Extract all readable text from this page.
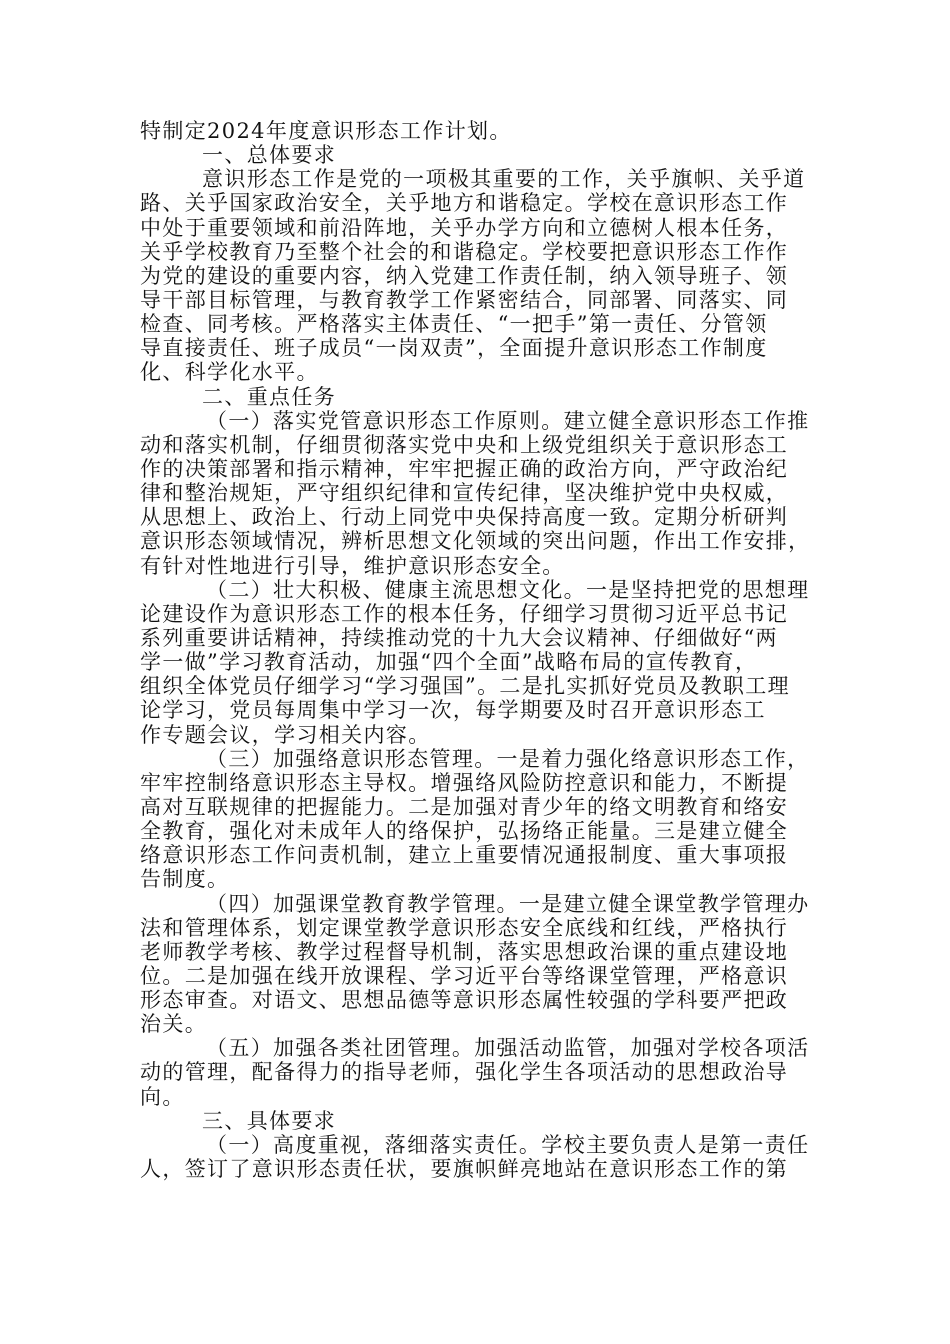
特制定2024年度意识形态工作计划。
一、总体要求
意识形态工作是党的一项极其重要的工作，关乎旗帜、关乎道
路、关乎国家政治安全，关乎地方和谐稳定。学校在意识形态工作
中处于重要领域和前沿阵地，关乎办学方向和立德树人根本任务，
关乎学校教育乃至整个社会的和谐稳定。学校要把意识形态工作作
为党的建设的重要内容，纳入党建工作责任制，纳入领导班子、领
导干部目标管理，与教育教学工作紧密结合，同部署、同落实、同
检查、同考核。严格落实主体责任、“一把手”第一责任、分管领
导直接责任、班子成员“一岗双责”，全面提升意识形态工作制度
化、科学化水平。
二、重点任务
（一）落实党管意识形态工作原则。建立健全意识形态工作推
动和落实机制，仔细贯彻落实党中央和上级党组织关于意识形态工
作的决策部署和指示精神，牢牢把握正确的政治方向，严守政治纪
律和整治规矩，严守组织纪律和宣传纪律，坚决维护党中央权威，
从思想上、政治上、行动上同党中央保持高度一致。定期分析研判
意识形态领域情况，辨析思想文化领域的突出问题，作出工作安排，
有针对性地进行引导，维护意识形态安全。
（二）壮大积极、健康主流思想文化。一是坚持把党的思想理
论建设作为意识形态工作的根本任务，仔细学习贯彻习近平总书记
系列重要讲话精神，持续推动党的十九大会议精神、仔细做好“两
学一做”学习教育活动，加强“四个全面”战略布局的宣传教育，
组织全体党员仔细学习“学习强国”。二是扎实抓好党员及教职工理
论学习，党员每周集中学习一次，每学期要及时召开意识形态工
作专题会议，学习相关内容。
（三）加强络意识形态管理。一是着力强化络意识形态工作，
牢牢控制络意识形态主导权。增强络风险防控意识和能力，不断提
高对互联规律的把握能力。二是加强对青少年的络文明教育和络安
全教育，强化对未成年人的络保护，弘扬络正能量。三是建立健全
络意识形态工作问责机制，建立上重要情况通报制度、重大事项报
告制度。
（四）加强课堂教育教学管理。一是建立健全课堂教学管理办
法和管理体系，划定课堂教学意识形态安全底线和红线，严格执行
老师教学考核、教学过程督导机制，落实思想政治课的重点建设地
位。二是加强在线开放课程、学习近平台等络课堂管理，严格意识
形态审查。对语文、思想品德等意识形态属性较强的学科要严把政
治关。
（五）加强各类社团管理。加强活动监管，加强对学校各项活
动的管理，配备得力的指导老师，强化学生各项活动的思想政治导
向。
三、具体要求
（一）高度重视，落细落实责任。学校主要负责人是第一责任
人，签订了意识形态责任状，要旗帜鲜亮地站在意识形态工作的第
